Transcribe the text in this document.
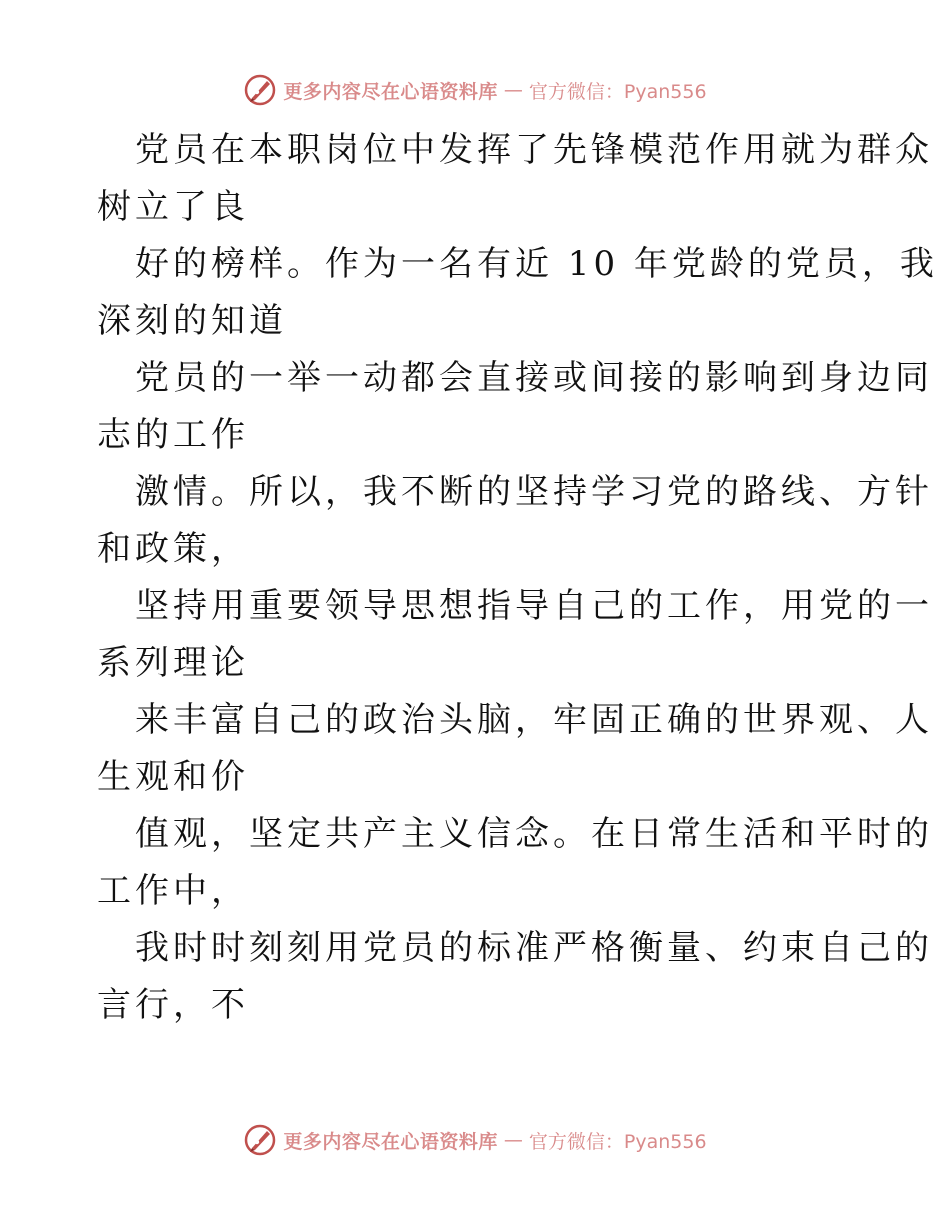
更多内容尽在心语资料库 — 官方微信：Pyan556

党员在本职岗位中发挥了先锋模范作用就为群众

树立了良

好的榜样。作为一名有近 10 年党龄的党员，我

深刻的知道

党员的一举一动都会直接或间接的影响到身边同

志的工作

激情。所以，我不断的坚持学习党的路线、方针

和政策，

坚持用重要领导思想指导自己的工作，用党的一

系列理论

来丰富自己的政治头脑，牢固正确的世界观、人

生观和价

值观，坚定共产主义信念。在日常生活和平时的

工作中，

我时时刻刻用党员的标准严格衡量、约束自己的

言行，不

更多内容尽在心语资料库 — 官方微信：Pyan556
